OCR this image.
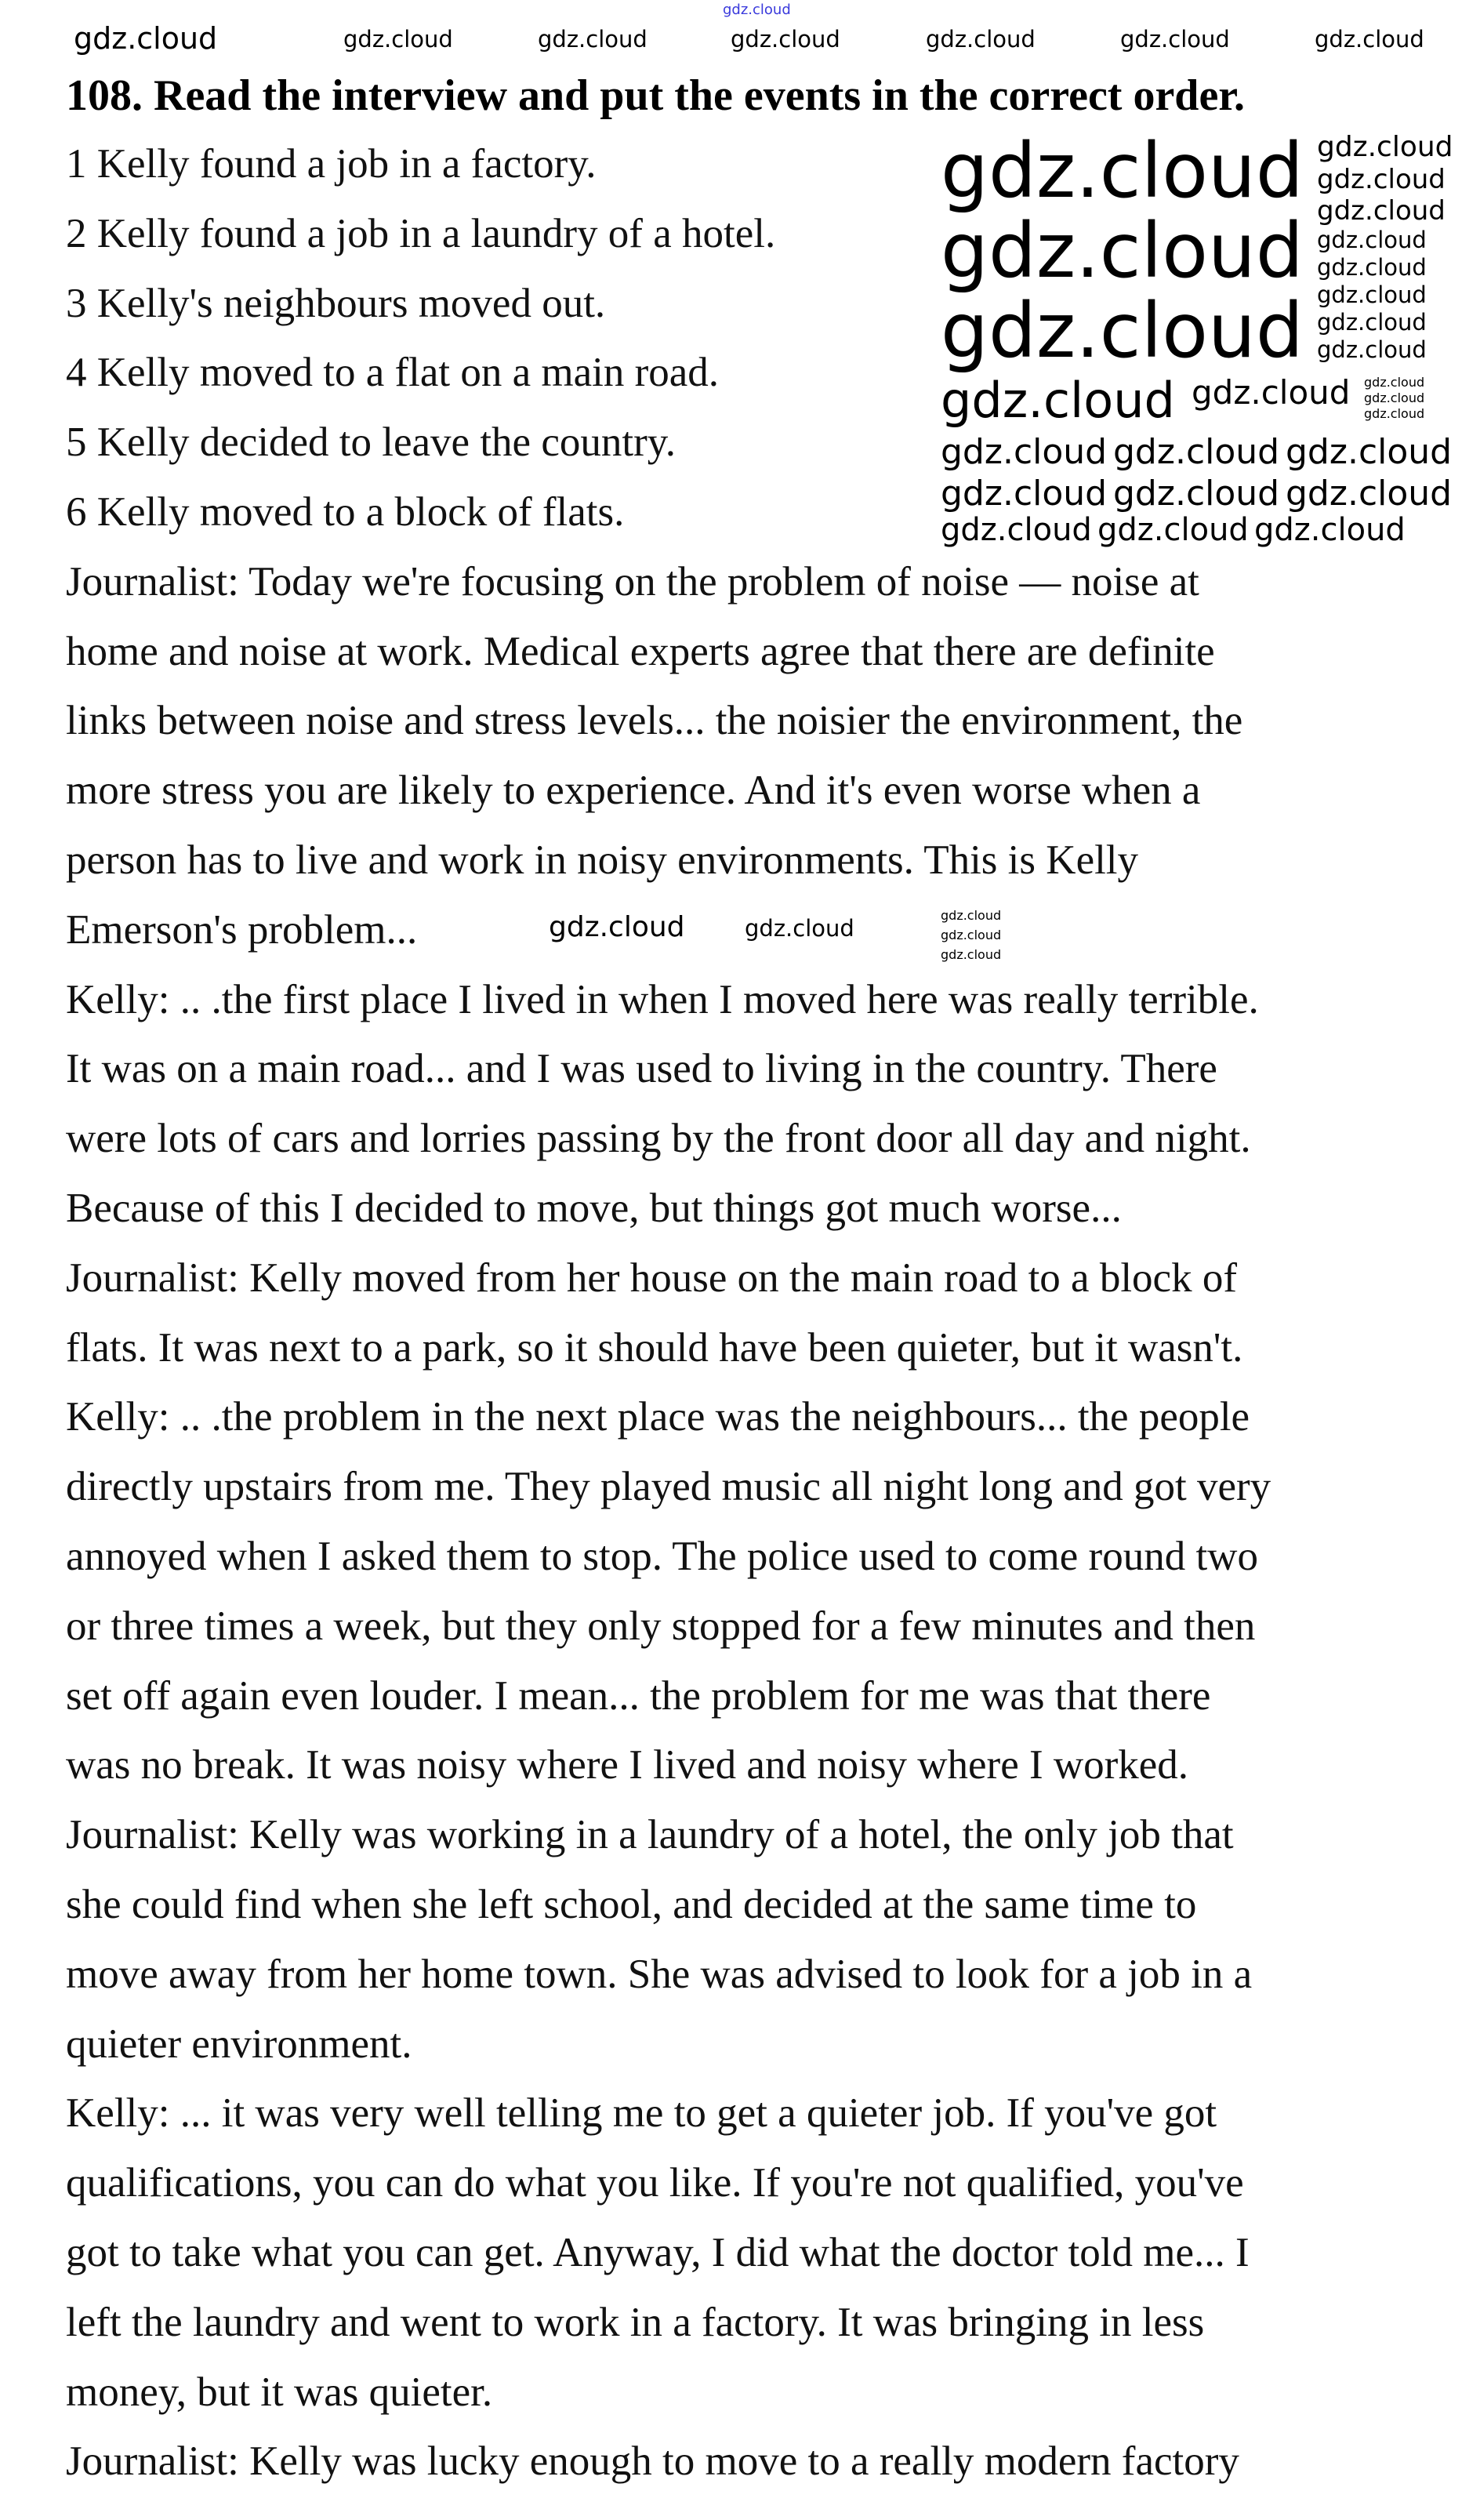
108. Read the interview and put the events in the correct order.
1 Kelly found a job in a factory.
2 Kelly found a job in a laundry of a hotel.
3 Kelly's neighbours moved out.
4 Kelly moved to a flat on a main road.
5 Kelly decided to leave the country.
6 Kelly moved to a block of flats.
Journalist: Today we're focusing on the problem of noise — noise at
home and noise at work. Medical experts agree that there are definite
links between noise and stress levels... the noisier the environment, the
more stress you are likely to experience. And it's even worse when a
person has to live and work in noisy environments. This is Kelly
Emerson's problem...
Kelly: .. .the first place I lived in when I moved here was really terrible.
It was on a main road... and I was used to living in the country. There
were lots of cars and lorries passing by the front door all day and night.
Because of this I decided to move, but things got much worse...
Journalist: Kelly moved from her house on the main road to a block of
flats. It was next to a park, so it should have been quieter, but it wasn't.
Kelly: .. .the problem in the next place was the neighbours... the people
directly upstairs from me. They played music all night long and got very
annoyed when I asked them to stop. The police used to come round two
or three times a week, but they only stopped for a few minutes and then
set off again even louder. I mean... the problem for me was that there
was no break. It was noisy where I lived and noisy where I worked.
Journalist: Kelly was working in a laundry of a hotel, the only job that
she could find when she left school, and decided at the same time to
move away from her home town. She was advised to look for a job in a
quieter environment.
Kelly: ... it was very well telling me to get a quieter job. If you've got
qualifications, you can do what you like. If you're not qualified, you've
got to take what you can get. Anyway, I did what the doctor told me... I
left the laundry and went to work in a factory. It was bringing in less
money, but it was quieter.
Journalist: Kelly was lucky enough to move to a really modern factory
gdz.cloud
gdz.cloud	gdz.cloud	gdz.cloud	gdz.cloud	gdz.cloud	gdz.cloud	gdz.cloud
gdz.cloud
gdz.cloud
gdz.cloud
gdz.cloud
gdz.cloud
gdz.cloud
gdz.cloud
gdz.cloud
gdz.cloud
gdz.cloud
gdz.cloud
gdz.cloud gdz.cloud
gdz.cloud gdz.cloud gdz.cloud
gdz.cloud gdz.cloud gdz.cloud
gdz.cloud gdz.cloud gdz.cloud
gdz.cloud
gdz.cloud
gdz.cloud
gdz.cloud
gdz.cloud
gdz.cloud
gdz.cloud
gdz.cloud
